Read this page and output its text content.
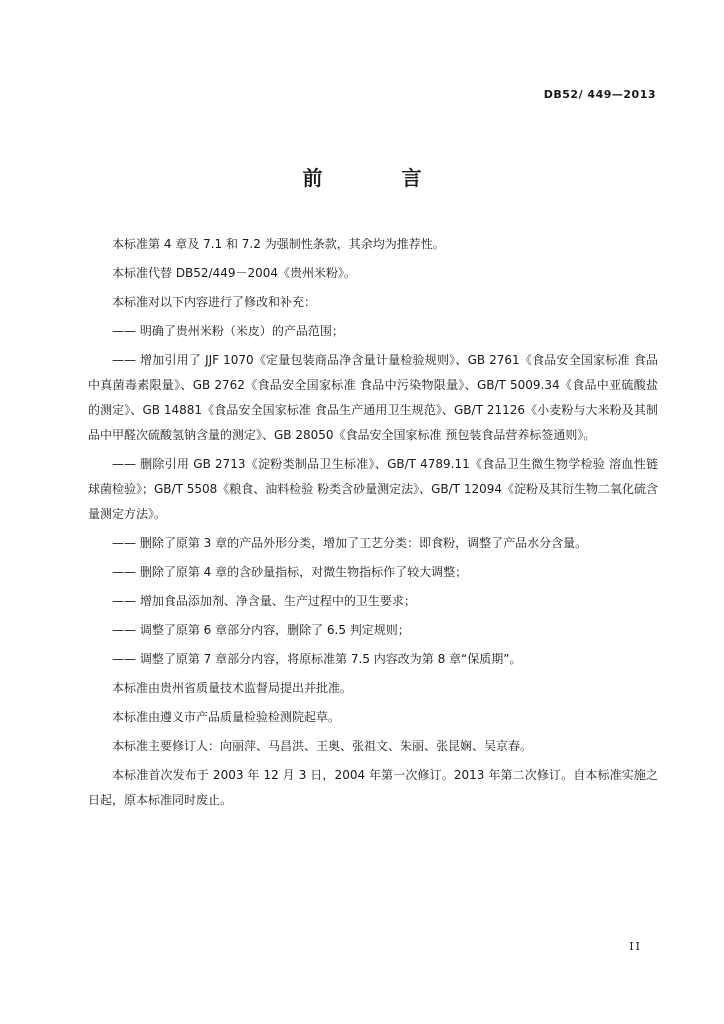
DB52/ 449—2013
前 言
本标准第 4 章及 7.1 和 7.2 为强制性条款，其余均为推荐性。
本标准代替 DB52/449－2004《贵州米粉》。
本标准对以下内容进行了修改和补充：
—— 明确了贵州米粉（米皮）的产品范围；
—— 增加引用了 JJF 1070《定量包装商品净含量计量检验规则》、GB 2761《食品安全国家标准 食品中真菌毒素限量》、GB 2762《食品安全国家标准 食品中污染物限量》、GB/T 5009.34《食品中亚硫酸盐的测定》、GB 14881《食品安全国家标准 食品生产通用卫生规范》、GB/T 21126《小麦粉与大米粉及其制品中甲醛次硫酸氢钠含量的测定》、GB 28050《食品安全国家标准 预包装食品营养标签通则》。
—— 删除引用 GB 2713《淀粉类制品卫生标准》、GB/T 4789.11《食品卫生微生物学检验 溶血性链球菌检验》；GB/T 5508《粮食、油料检验 粉类含砂量测定法》、GB/T 12094《淀粉及其衍生物二氧化硫含量测定方法》。
—— 删除了原第 3 章的产品外形分类，增加了工艺分类：即食粉，调整了产品水分含量。
—— 删除了原第 4 章的含砂量指标，对微生物指标作了较大调整；
—— 增加食品添加剂、净含量、生产过程中的卫生要求；
—— 调整了原第 6 章部分内容，删除了 6.5 判定规则；
—— 调整了原第 7 章部分内容，将原标准第 7.5 内容改为第 8 章“保质期”。
本标准由贵州省质量技术监督局提出并批准。
本标准由遵义市产品质量检验检测院起草。
本标准主要修订人：向丽萍、马昌洪、王奥、张祖文、朱丽、张昆娴、吴京春。
本标准首次发布于 2003 年 12 月 3 日，2004 年第一次修订。2013 年第二次修订。自本标准实施之日起，原本标准同时废止。
II
